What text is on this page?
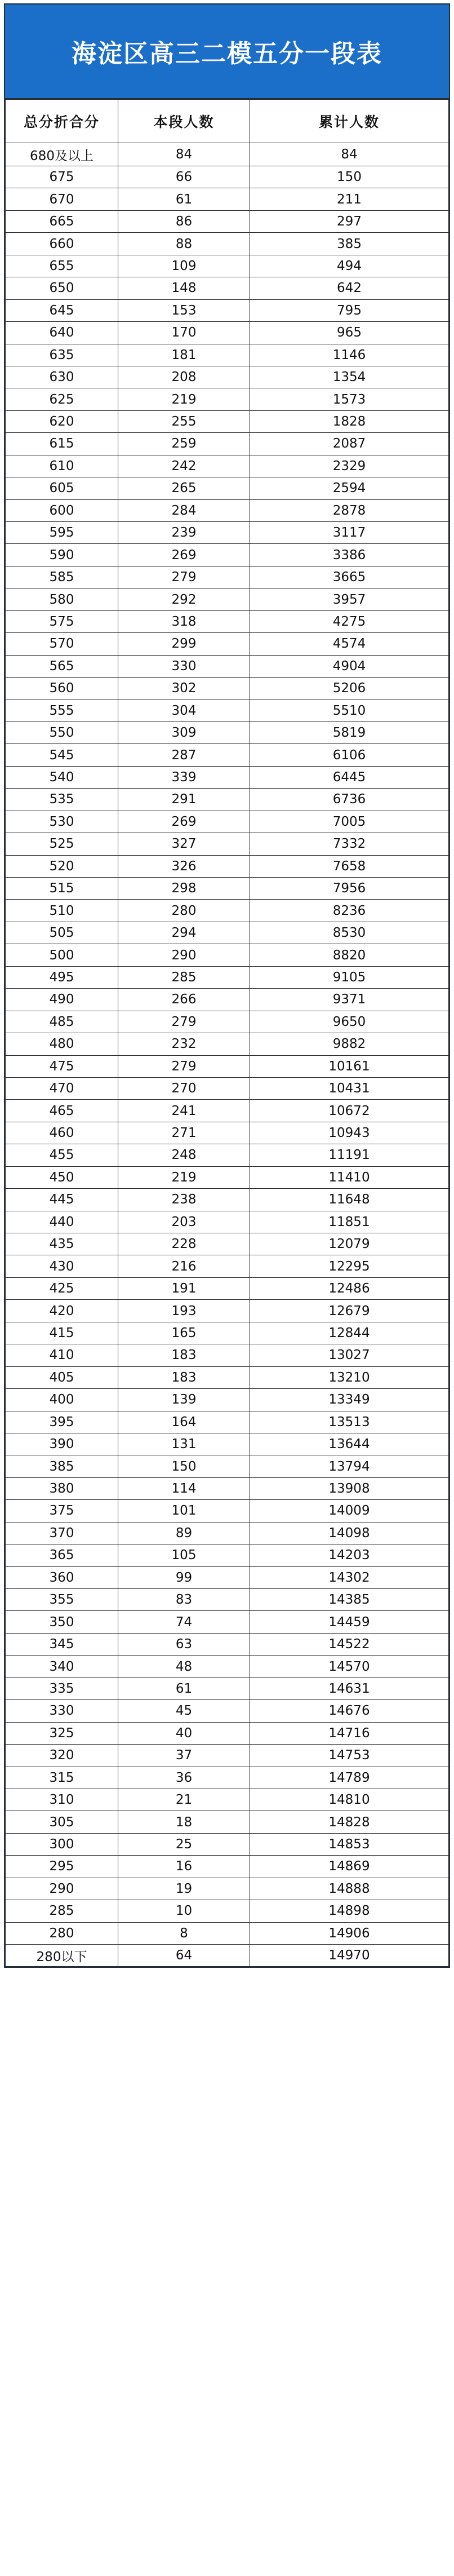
海淀区高三二模五分一段表
总分折合分	本段人数	累计人数
680及以上	84	84
675	66	150
670	61	211
665	86	297
660	88	385
655	109	494
650	148	642
645	153	795
640	170	965
635	181	1146
630	208	1354
625	219	1573
620	255	1828
615	259	2087
610	242	2329
605	265	2594
600	284	2878
595	239	3117
590	269	3386
585	279	3665
580	292	3957
575	318	4275
570	299	4574
565	330	4904
560	302	5206
555	304	5510
550	309	5819
545	287	6106
540	339	6445
535	291	6736
530	269	7005
525	327	7332
520	326	7658
515	298	7956
510	280	8236
505	294	8530
500	290	8820
495	285	9105
490	266	9371
485	279	9650
480	232	9882
475	279	10161
470	270	10431
465	241	10672
460	271	10943
455	248	11191
450	219	11410
445	238	11648
440	203	11851
435	228	12079
430	216	12295
425	191	12486
420	193	12679
415	165	12844
410	183	13027
405	183	13210
400	139	13349
395	164	13513
390	131	13644
385	150	13794
380	114	13908
375	101	14009
370	89	14098
365	105	14203
360	99	14302
355	83	14385
350	74	14459
345	63	14522
340	48	14570
335	61	14631
330	45	14676
325	40	14716
320	37	14753
315	36	14789
310	21	14810
305	18	14828
300	25	14853
295	16	14869
290	19	14888
285	10	14898
280	8	14906
280以下	64	14970
